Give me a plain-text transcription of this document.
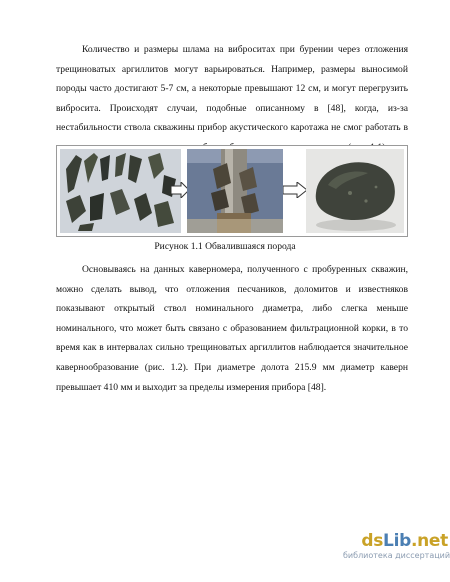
Количество и размеры шлама на виброситах при бурении через отложения трещиноватых аргиллитов могут варьироваться. Например, размеры выносимой породы часто достигают 5-7 см, а некоторые превышают 12 см, и могут перегрузить вибросита. Происходят случаи, подобные описанному в [48], когда, из-за нестабильности ствола скважины прибор акустического каротажа не смог работать в

Рисунок 1.1 Обвалившаяся порода

Основываясь на данных каверномера, полученного с пробуренных скважин, можно сделать вывод, что отложения песчаников, доломитов и известняков показывают открытый ствол номинального диаметра, либо слегка меньше номинального, что может быть связано с образованием фильтрационной корки, в то время как в интервалах сильно трещиноватых аргиллитов наблюдается значительное кавернообразование (рис. 1.2). При диаметре долота 215.9 мм диаметр каверн превышает 410 мм и выходит за пределы измерения прибора [48].

dsLib.net
библиотека диссертаций
